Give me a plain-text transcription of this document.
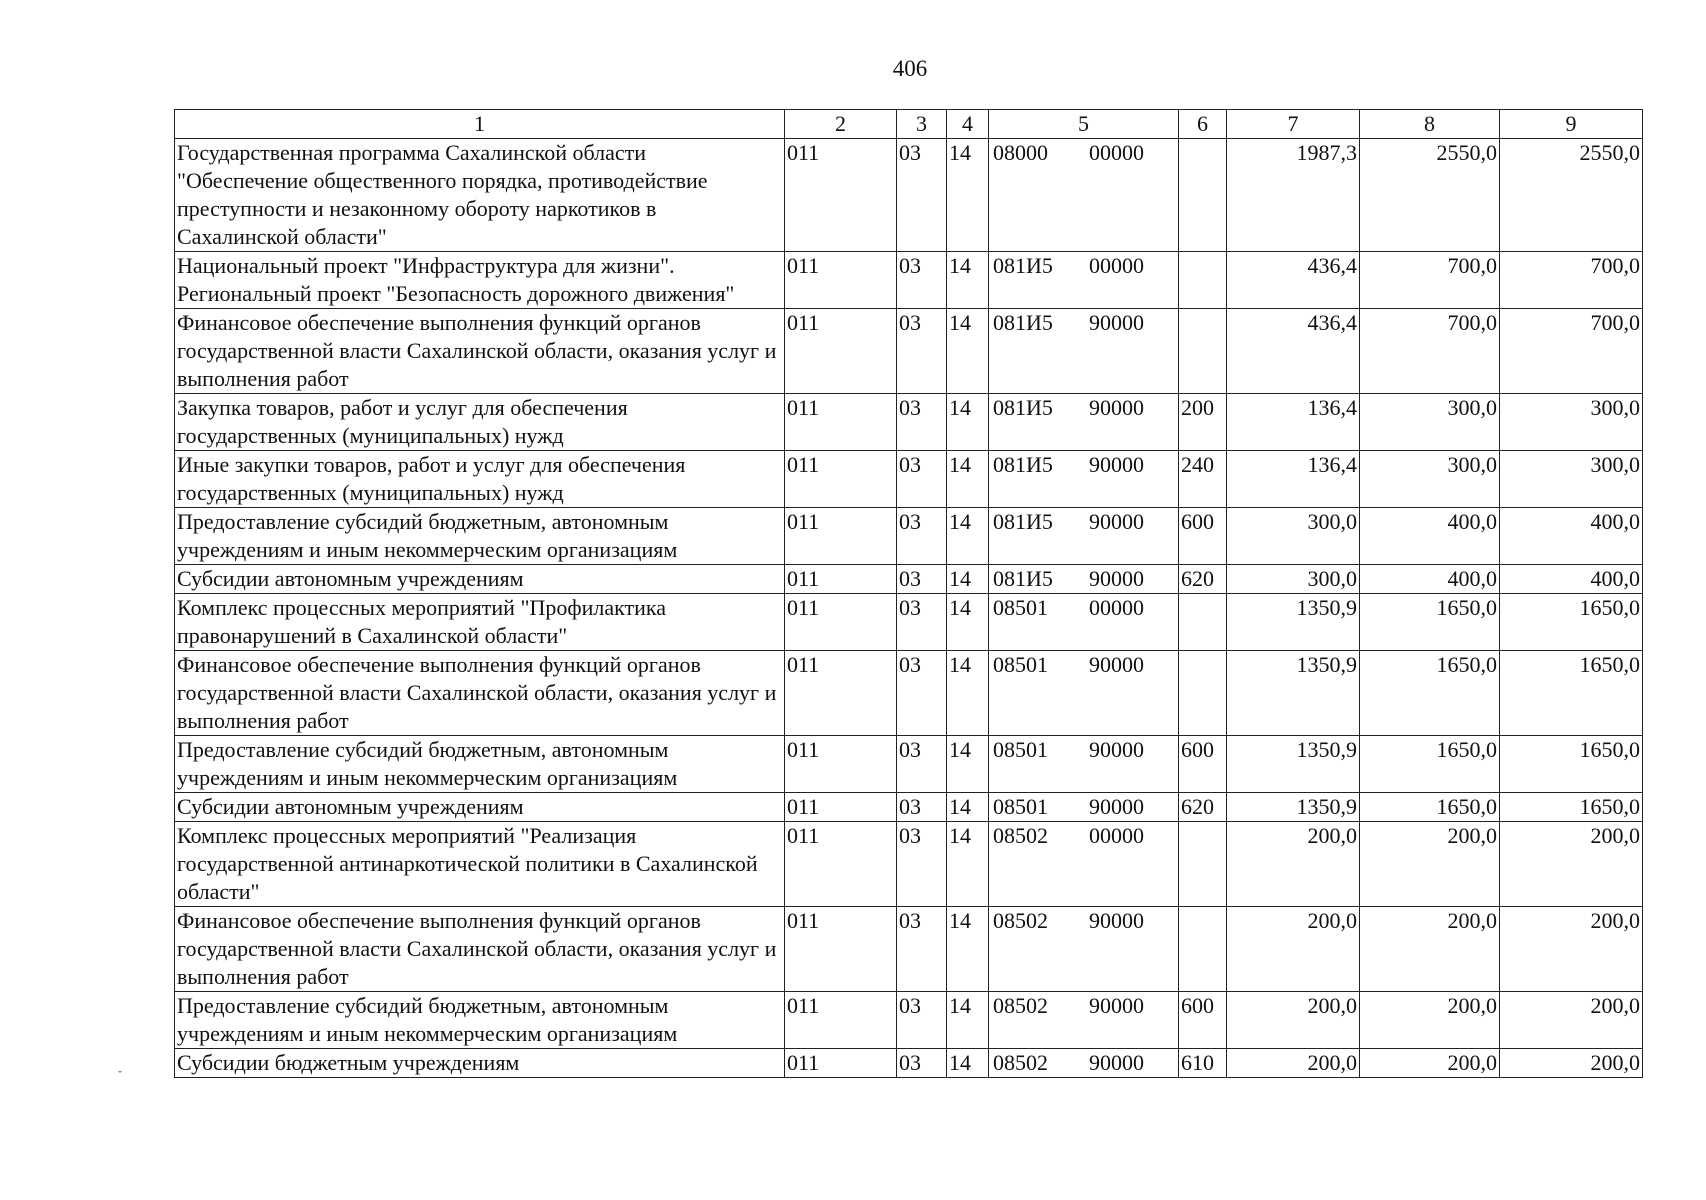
406
1	2	3	4	5	6	7	8	9
Государственная программа Сахалинской области "Обеспечение общественного порядка, противодействие преступности и незаконному обороту наркотиков в Сахалинской области"	011	03	14	08000 00000		1987,3	2550,0	2550,0
Национальный проект "Инфраструктура для жизни". Региональный проект "Безопасность дорожного движения"	011	03	14	081И5 00000		436,4	700,0	700,0
Финансовое обеспечение выполнения функций органов государственной власти Сахалинской области, оказания услуг и выполнения работ	011	03	14	081И5 90000		436,4	700,0	700,0
Закупка товаров, работ и услуг для обеспечения государственных (муниципальных) нужд	011	03	14	081И5 90000	200	136,4	300,0	300,0
Иные закупки товаров, работ и услуг для обеспечения государственных (муниципальных) нужд	011	03	14	081И5 90000	240	136,4	300,0	300,0
Предоставление субсидий бюджетным, автономным учреждениям и иным некоммерческим организациям	011	03	14	081И5 90000	600	300,0	400,0	400,0
Субсидии автономным учреждениям	011	03	14	081И5 90000	620	300,0	400,0	400,0
Комплекс процессных мероприятий "Профилактика правонарушений в Сахалинской области"	011	03	14	08501 00000		1350,9	1650,0	1650,0
Финансовое обеспечение выполнения функций органов государственной власти Сахалинской области, оказания услуг и выполнения работ	011	03	14	08501 90000		1350,9	1650,0	1650,0
Предоставление субсидий бюджетным, автономным учреждениям и иным некоммерческим организациям	011	03	14	08501 90000	600	1350,9	1650,0	1650,0
Субсидии автономным учреждениям	011	03	14	08501 90000	620	1350,9	1650,0	1650,0
Комплекс процессных мероприятий "Реализация государственной антинаркотической политики в Сахалинской области"	011	03	14	08502 00000		200,0	200,0	200,0
Финансовое обеспечение выполнения функций органов государственной власти Сахалинской области, оказания услуг и выполнения работ	011	03	14	08502 90000		200,0	200,0	200,0
Предоставление субсидий бюджетным, автономным учреждениям и иным некоммерческим организациям	011	03	14	08502 90000	600	200,0	200,0	200,0
Субсидии бюджетным учреждениям	011	03	14	08502 90000	610	200,0	200,0	200,0
ˇ
